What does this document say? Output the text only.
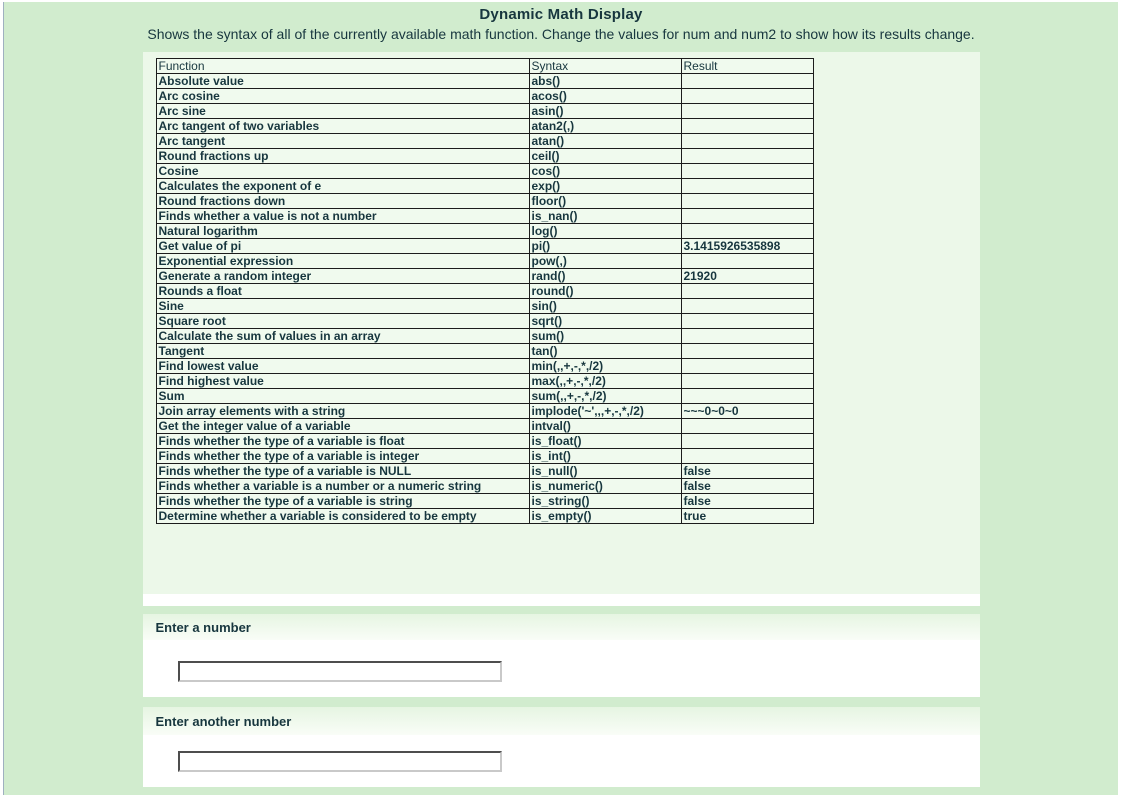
Dynamic Math Display
Shows the syntax of all of the currently available math function. Change the values for num and num2 to show how its results change.
Function	Syntax	Result
Absolute value	abs()	
Arc cosine	acos()	
Arc sine	asin()	
Arc tangent of two variables	atan2(,)	
Arc tangent	atan()	
Round fractions up	ceil()	
Cosine	cos()	
Calculates the exponent of e	exp()	
Round fractions down	floor()	
Finds whether a value is not a number	is_nan()	
Natural logarithm	log()	
Get value of pi	pi()	3.1415926535898
Exponential expression	pow(,)	
Generate a random integer	rand()	21920
Rounds a float	round()	
Sine	sin()	
Square root	sqrt()	
Calculate the sum of values in an array	sum()	
Tangent	tan()	
Find lowest value	min(,,+,-,*,/2)	
Find highest value	max(,,+,-,*,/2)	
Sum	sum(,,+,-,*,/2)	
Join array elements with a string	implode('~',,,+,-,*,/2)	~~~0~0~0
Get the integer value of a variable	intval()	
Finds whether the type of a variable is float	is_float()	
Finds whether the type of a variable is integer	is_int()	
Finds whether the type of a variable is NULL	is_null()	false
Finds whether a variable is a number or a numeric string	is_numeric()	false
Finds whether the type of a variable is string	is_string()	false
Determine whether a variable is considered to be empty	is_empty()	true
Enter a number
Enter another number
